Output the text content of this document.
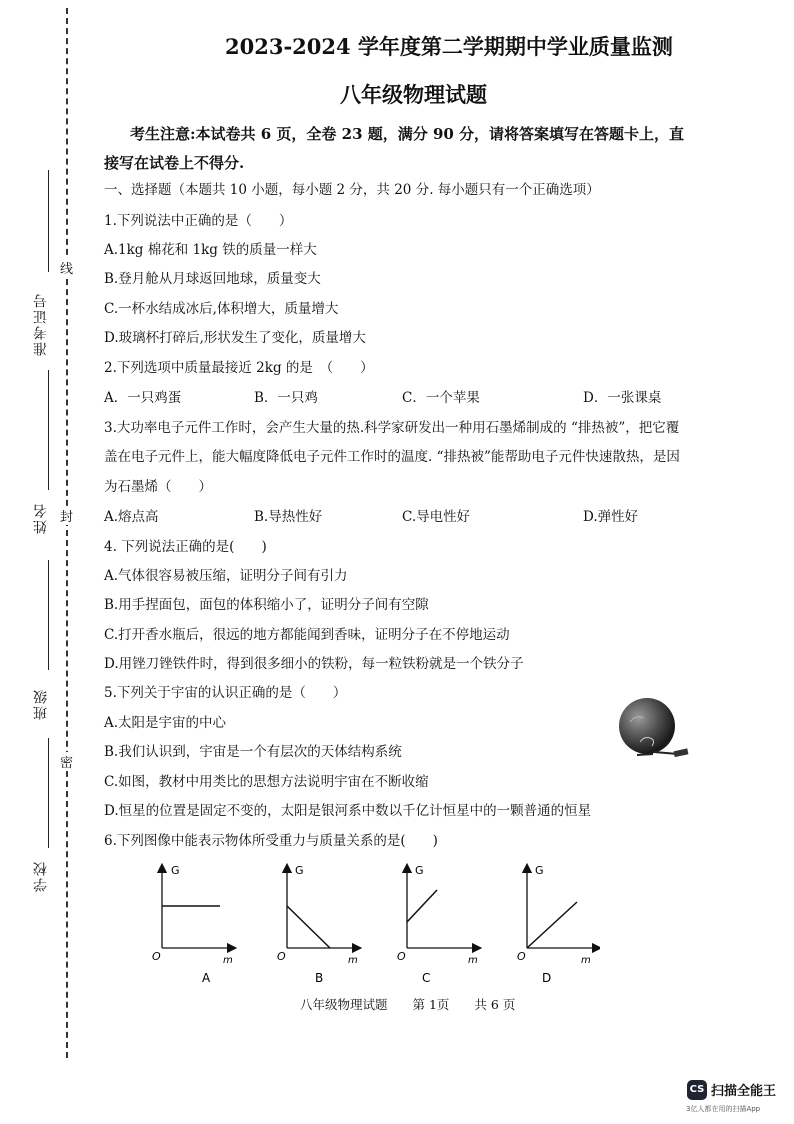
准考证号
姓名
班级
学校
线
封
密
2023-2024 学年度第二学期期中学业质量监测
八年级物理试题
考生注意:本试卷共 6 页，全卷 23 题，满分 90 分，请将答案填写在答题卡上，直
接写在试卷上不得分.
一、选择题（本题共 10 小题，每小题 2 分，共 20 分. 每小题只有一个正确选项）
1.下列说法中正确的是（　　）
A.1kg 棉花和 1kg 铁的质量一样大
B.登月舱从月球返回地球，质量变大
C.一杯水结成冰后,体积增大，质量增大
D.玻璃杯打碎后,形状发生了变化，质量增大
2.下列选项中质量最接近 2kg 的是　（　　）
A．一只鸡蛋	B．一只鸡	C．一个苹果	D．一张课桌
3.大功率电子元件工作时，会产生大量的热.科学家研发出一种用石墨烯制成的 “排热被”，把它覆
盖在电子元件上，能大幅度降低电子元件工作时的温度. “排热被”能帮助电子元件快速散热，是因
为石墨烯（　　）
A.熔点高	B.导热性好	C.导电性好	D.弹性好
4. 下列说法正确的是(　　)
A.气体很容易被压缩，证明分子间有引力
B.用手捏面包，面包的体积缩小了，证明分子间有空隙
C.打开香水瓶后，很远的地方都能闻到香味，证明分子在不停地运动
D.用锉刀锉铁件时，得到很多细小的铁粉，每一粒铁粉就是一个铁分子
5.下列关于宇宙的认识正确的是（　　）
A.太阳是宇宙的中心
B.我们认识到，宇宙是一个有层次的天体结构系统
C.如图，教材中用类比的思想方法说明宇宙在不断收缩
D.恒星的位置是固定不变的，太阳是银河系中数以千亿计恒星中的一颗普通的恒星
6.下列图像中能表示物体所受重力与质量关系的是(　　)
G
m
O
A
G
m
O
B
G
m
O
C
G
m
O
D
八年级物理试题　　第 1页　　共 6 页
CS 扫描全能王
3亿人都在用的扫描App
